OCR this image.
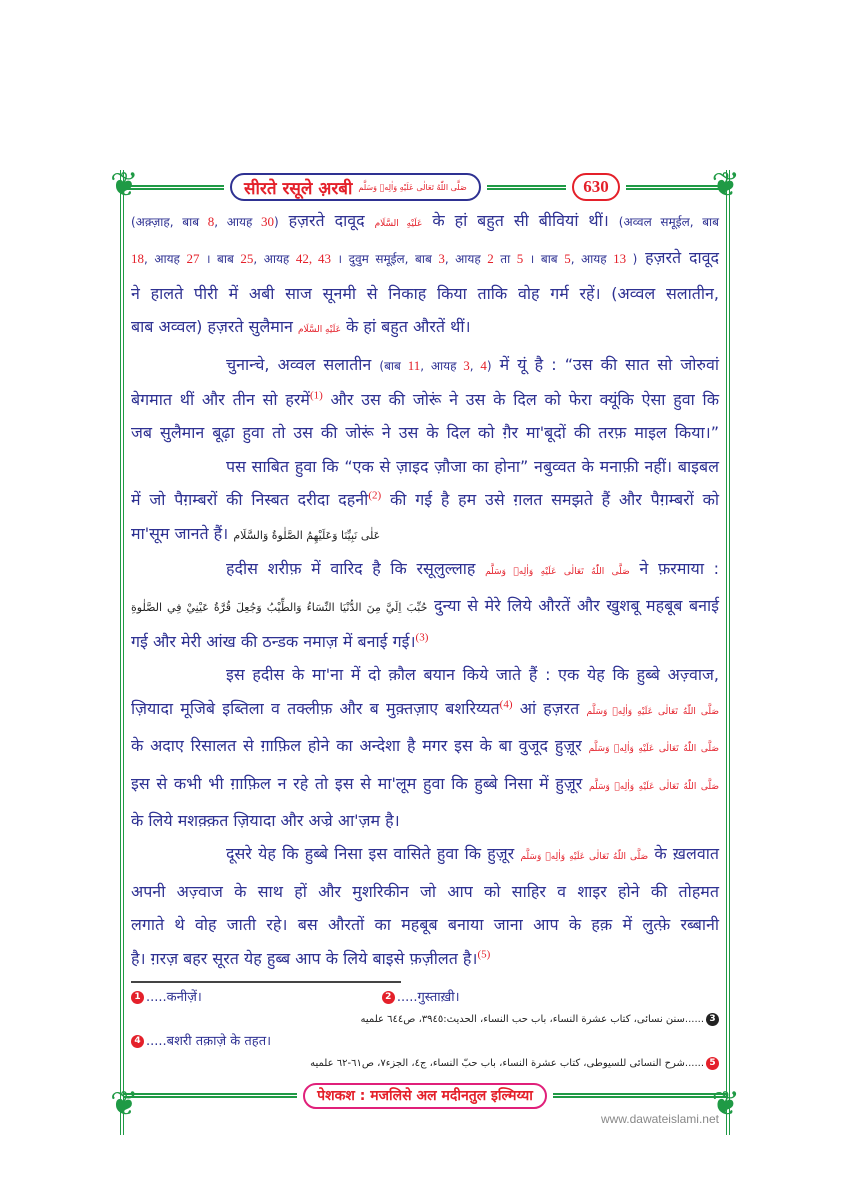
❦	❦
❦	❦
सीरते रसूले अ़रबी صَلَّى اللّٰهُ تَعَالٰى عَلَيْهِ وَاٰلِهٖ وَسَلَّم	630
(अक़्ज़ाह, बाब 8, आयह 30) हज़रते दावूद عَلَيْهِ السَّلَام के हां बहुत सी बीवियां थीं। (अव्वल समूईल, बाब
18, आयह 27 । बाब 25, आयह 42, 43 । दुवुम समूईल, बाब 3, आयह 2 ता 5 । बाब 5, आयह 13 ) हज़रते दावूद
ने हालते पीरी में अबी साज सूनमी से निकाह किया ताकि वोह गर्म रहें। (अव्वल सलातीन,
बाब अव्वल) हज़रते सुलैमान عَلَيْهِ السَّلَام के हां बहुत औरतें थीं।
चुनान्चे, अव्वल सलातीन (बाब 11, आयह 3, 4) में यूं है : “उस की सात सो जोरुवां
बेगमात थीं और तीन सो हरमें$^{(1)}$ और उस की जोरूं ने उस के दिल को फेरा क्यूंकि ऐसा हुवा कि
जब सुलैमान बूढ़ा हुवा तो उस की जोरूं ने उस के दिल को ग़ैर मा'बूदों की तरफ़ माइल किया।”
पस साबित हुवा कि “एक से ज़ाइद ज़ौजा का होना” नबुव्वत के मनाफ़ी नहीं। बाइबल
में जो पैग़म्बरों की निस्बत दरीदा दहनी$^{(2)}$ की गई है हम उसे ग़लत समझते हैं और पैग़म्बरों को
मा'सूम जानते हैं। عَلٰى نَبِيِّنَا وَعَلَيْهِمُ الصَّلٰوةُ وَالسَّلَام
हदीस शरीफ़ में वारिद है कि रसूलुल्लाह صَلَّى اللّٰهُ تَعَالٰى عَلَيْهِ وَاٰلِهٖ وَسَلَّم ने फ़रमाया :
حُبِّبَ اِلَيَّ مِنَ الدُّنْيَا النِّسَاءُ وَالطِّيْبُ وَجُعِلَ قُرَّةُ عَيْنِيْ فِي الصَّلٰوةِ दुन्या से मेरे लिये औरतें और खुशबू महबूब बनाई
गई और मेरी आंख की ठन्डक नमाज़ में बनाई गई।$^{(3)}$
इस हदीस के मा'ना में दो क़ौल बयान किये जाते हैं : एक येह कि हुब्बे अज़्वाज,
ज़ियादा मूजिबे इब्तिला व तक्लीफ़ और ब मुक़्तज़ाए बशरिय्यत$^{(4)}$ आं हज़रत صَلَّى اللّٰهُ تَعَالٰى عَلَيْهِ وَاٰلِهٖ وَسَلَّم
के अदाए रिसालत से ग़ाफ़िल होने का अन्देशा है मगर इस के बा वुजूद हुज़ूर صَلَّى اللّٰهُ تَعَالٰى عَلَيْهِ وَاٰلِهٖ وَسَلَّم
इस से कभी भी ग़ाफ़िल न रहे तो इस से मा'लूम हुवा कि हुब्बे निसा में हुज़ूर صَلَّى اللّٰهُ تَعَالٰى عَلَيْهِ وَاٰلِهٖ وَسَلَّم
के लिये मशक़्क़त ज़ियादा और अज्रे आ'ज़म है।
दूसरे येह कि हुब्बे निसा इस वासिते हुवा कि हुज़ूर صَلَّى اللّٰهُ تَعَالٰى عَلَيْهِ وَاٰلِهٖ وَسَلَّم के ख़लवात
अपनी अज़्वाज के साथ हों और मुशरिकीन जो आप को साहिर व शाइर होने की तोहमत
लगाते थे वोह जाती रहे। बस औरतों का महबूब बनाया जाना आप के हक़ में लुत्फ़े रब्बानी
है। ग़रज़ बहर सूरत येह हुब्ब आप के लिये बाइसे फ़ज़ीलत है।$^{(5)}$
1 .....कनीज़ें।	2 .....गुस्ताख़ी।
3
......سنن نسائی، کتاب عشرة النساء، باب حب النساء، الحدیث:٣٩٤٥، ص٦٤٤ علمیه
4 .....बशरी तक़ाज़े के तहत।
5
......شرح النسائی للسیوطی، کتاب عشرة النساء، باب حبّ النساء، ج٤، الجزء٧، ص٦١-٦٢ علمیه
पेशकश : मजलिसे अल मदीनतुल इल्मिय्या
www.dawateislami.net
